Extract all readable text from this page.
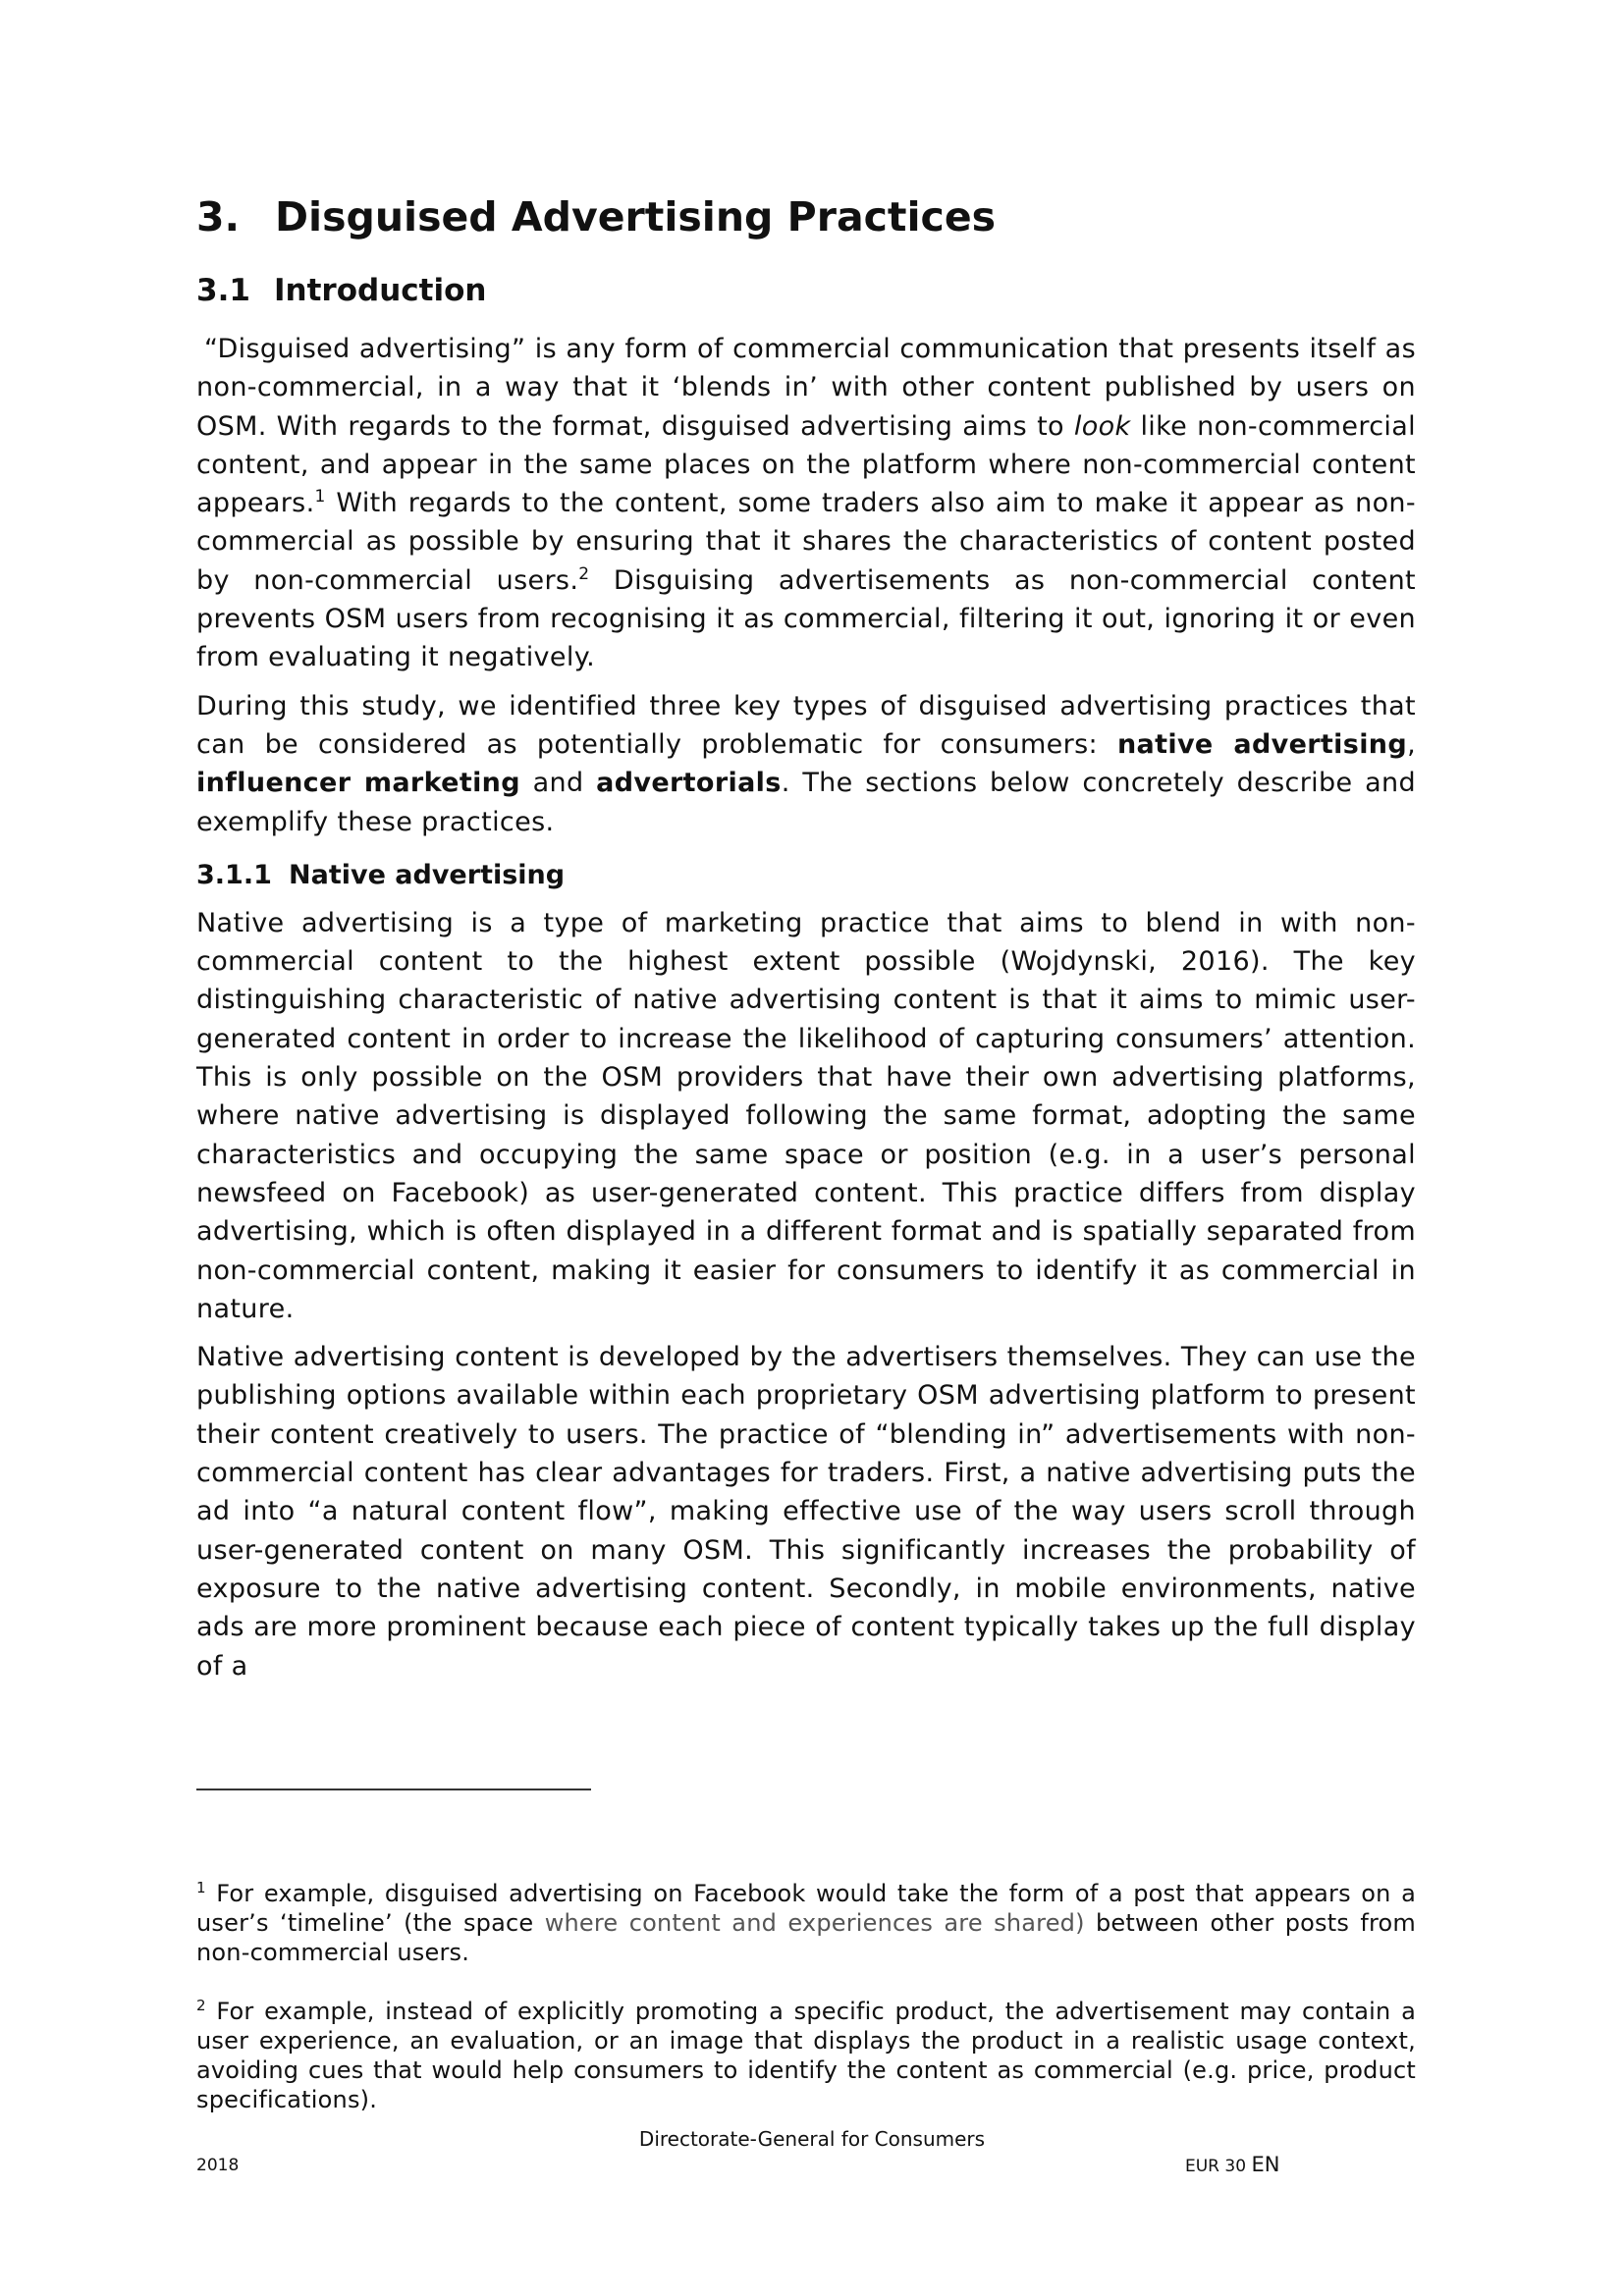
3. Disguised Advertising Practices
3.1 Introduction

“Disguised advertising” is any form of commercial communication that presents itself as non-commercial, in a way that it ‘blends in’ with other content published by users on OSM. With regards to the format, disguised advertising aims to look like non-commercial content, and appear in the same places on the platform where non-commercial content appears.$^1$ With regards to the content, some traders also aim to make it appear as non-commercial as possible by ensuring that it shares the characteristics of content posted by non-commercial users.$^2$ Disguising advertisements as non-commercial content prevents OSM users from recognising it as commercial, filtering it out, ignoring it or even from evaluating it negatively.

During this study, we identified three key types of disguised advertising practices that can be considered as potentially problematic for consumers: native advertising, influencer marketing and advertorials. The sections below concretely describe and exemplify these practices.

3.1.1 Native advertising

Native advertising is a type of marketing practice that aims to blend in with non-commercial content to the highest extent possible (Wojdynski, 2016). The key distinguishing characteristic of native advertising content is that it aims to mimic user-generated content in order to increase the likelihood of capturing consumers’ attention. This is only possible on the OSM providers that have their own advertising platforms, where native advertising is displayed following the same format, adopting the same characteristics and occupying the same space or position (e.g. in a user’s personal newsfeed on Facebook) as user-generated content. This practice differs from display advertising, which is often displayed in a different format and is spatially separated from non-commercial content, making it easier for consumers to identify it as commercial in nature.

Native advertising content is developed by the advertisers themselves. They can use the publishing options available within each proprietary OSM advertising platform to present their content creatively to users. The practice of “blending in” advertisements with non-commercial content has clear advantages for traders. First, a native advertising puts the ad into “a natural content flow”, making effective use of the way users scroll through user-generated content on many OSM. This significantly increases the probability of exposure to the native advertising content. Secondly, in mobile environments, native ads are more prominent because each piece of content typically takes up the full display of a

$^1$ For example, disguised advertising on Facebook would take the form of a post that appears on a user’s ‘timeline’ (the space where content and experiences are shared) between other posts from non-commercial users.

$^2$ For example, instead of explicitly promoting a specific product, the advertisement may contain a user experience, an evaluation, or an image that displays the product in a realistic usage context, avoiding cues that would help consumers to identify the content as commercial (e.g. price, product specifications).

Directorate-General for Consumers
2018	EUR 30 EN
